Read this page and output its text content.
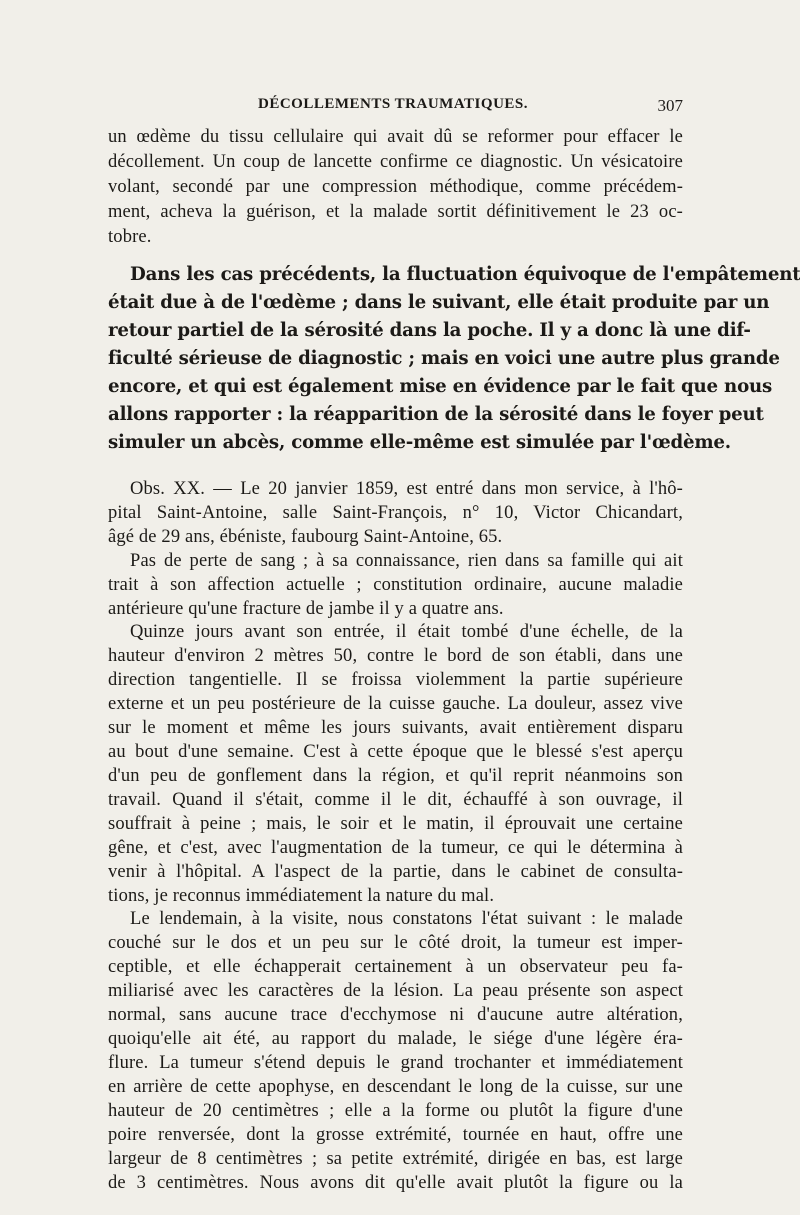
DÉCOLLEMENTS TRAUMATIQUES.	307
un œdème du tissu cellulaire qui avait dû se reformer pour effacer le
décollement. Un coup de lancette confirme ce diagnostic. Un vésicatoire
volant, secondé par une compression méthodique, comme précédem-
ment, acheva la guérison, et la malade sortit définitivement le 23 oc-
tobre.
Dans les cas précédents, la fluctuation équivoque de l'empâtement
était due à de l'œdème ; dans le suivant, elle était produite par un
retour partiel de la sérosité dans la poche. Il y a donc là une dif-
ficulté sérieuse de diagnostic ; mais en voici une autre plus grande
encore, et qui est également mise en évidence par le fait que nous
allons rapporter : la réapparition de la sérosité dans le foyer peut
simuler un abcès, comme elle-même est simulée par l'œdème.
Obs. XX. — Le 20 janvier 1859, est entré dans mon service, à l'hô-
pital Saint-Antoine, salle Saint-François, n° 10, Victor Chicandart,
âgé de 29 ans, ébéniste, faubourg Saint-Antoine, 65.
Pas de perte de sang ; à sa connaissance, rien dans sa famille qui ait
trait à son affection actuelle ; constitution ordinaire, aucune maladie
antérieure qu'une fracture de jambe il y a quatre ans.
Quinze jours avant son entrée, il était tombé d'une échelle, de la
hauteur d'environ 2 mètres 50, contre le bord de son établi, dans une
direction tangentielle. Il se froissa violemment la partie supérieure
externe et un peu postérieure de la cuisse gauche. La douleur, assez vive
sur le moment et même les jours suivants, avait entièrement disparu
au bout d'une semaine. C'est à cette époque que le blessé s'est aperçu
d'un peu de gonflement dans la région, et qu'il reprit néanmoins son
travail. Quand il s'était, comme il le dit, échauffé à son ouvrage, il
souffrait à peine ; mais, le soir et le matin, il éprouvait une certaine
gêne, et c'est, avec l'augmentation de la tumeur, ce qui le détermina à
venir à l'hôpital. A l'aspect de la partie, dans le cabinet de consulta-
tions, je reconnus immédiatement la nature du mal.
Le lendemain, à la visite, nous constatons l'état suivant : le malade
couché sur le dos et un peu sur le côté droit, la tumeur est imper-
ceptible, et elle échapperait certainement à un observateur peu fa-
miliarisé avec les caractères de la lésion. La peau présente son aspect
normal, sans aucune trace d'ecchymose ni d'aucune autre altération,
quoiqu'elle ait été, au rapport du malade, le siége d'une légère éra-
flure. La tumeur s'étend depuis le grand trochanter et immédiatement
en arrière de cette apophyse, en descendant le long de la cuisse, sur une
hauteur de 20 centimètres ; elle a la forme ou plutôt la figure d'une
poire renversée, dont la grosse extrémité, tournée en haut, offre une
largeur de 8 centimètres ; sa petite extrémité, dirigée en bas, est large
de 3 centimètres. Nous avons dit qu'elle avait plutôt la figure ou la
